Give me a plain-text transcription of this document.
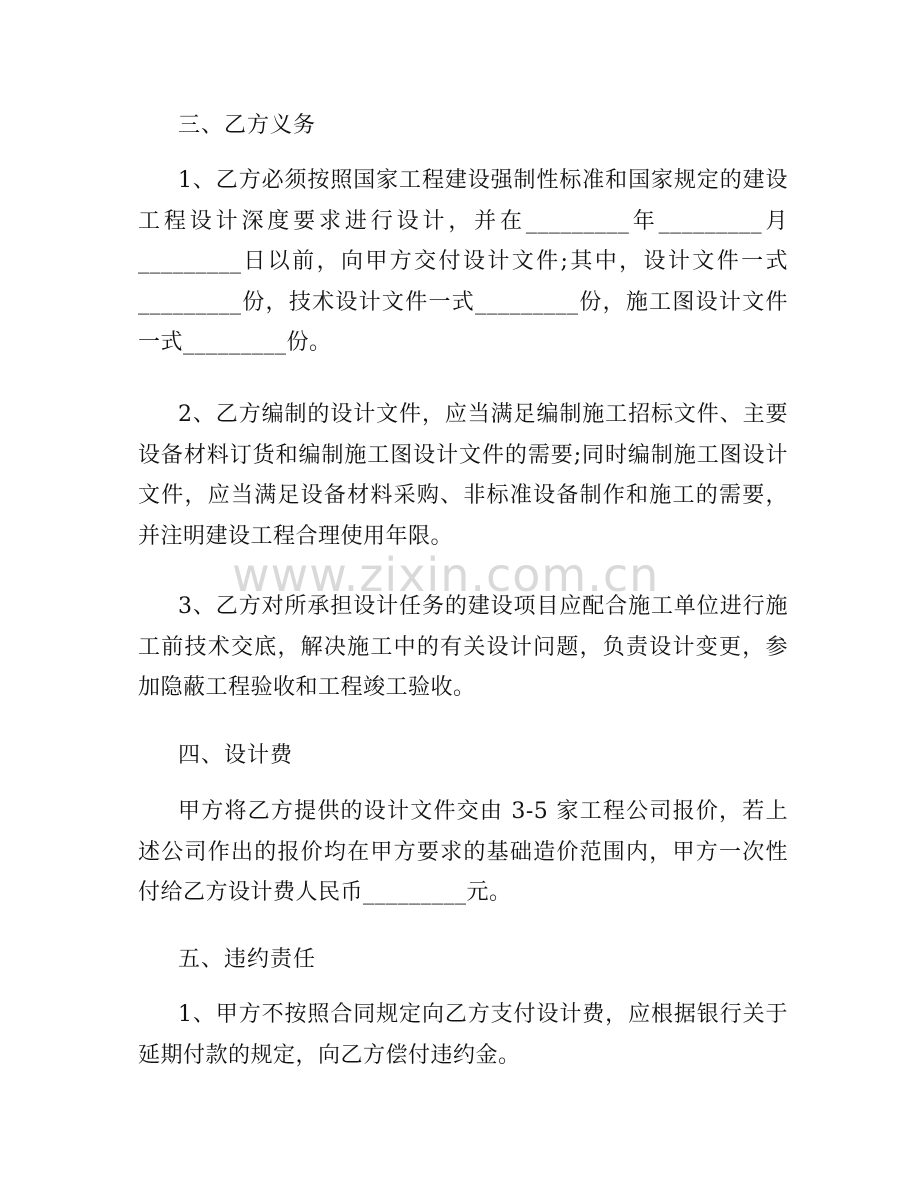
三、乙方义务
1、乙方必须按照国家工程建设强制性标准和国家规定的建设工程设计深度要求进行设计，并在_________年_________月_________日以前，向甲方交付设计文件;其中，设计文件一式_________份，技术设计文件一式_________份，施工图设计文件一式_________份。
2、乙方编制的设计文件，应当满足编制施工招标文件、主要设备材料订货和编制施工图设计文件的需要;同时编制施工图设计文件，应当满足设备材料采购、非标准设备制作和施工的需要，并注明建设工程合理使用年限。
3、乙方对所承担设计任务的建设项目应配合施工单位进行施工前技术交底，解决施工中的有关设计问题，负责设计变更，参加隐蔽工程验收和工程竣工验收。
四、设计费
甲方将乙方提供的设计文件交由 3-5 家工程公司报价，若上述公司作出的报价均在甲方要求的基础造价范围内，甲方一次性付给乙方设计费人民币_________元。
五、违约责任
1、甲方不按照合同规定向乙方支付设计费，应根据银行关于延期付款的规定，向乙方偿付违约金。
www.zixin.com.cn
